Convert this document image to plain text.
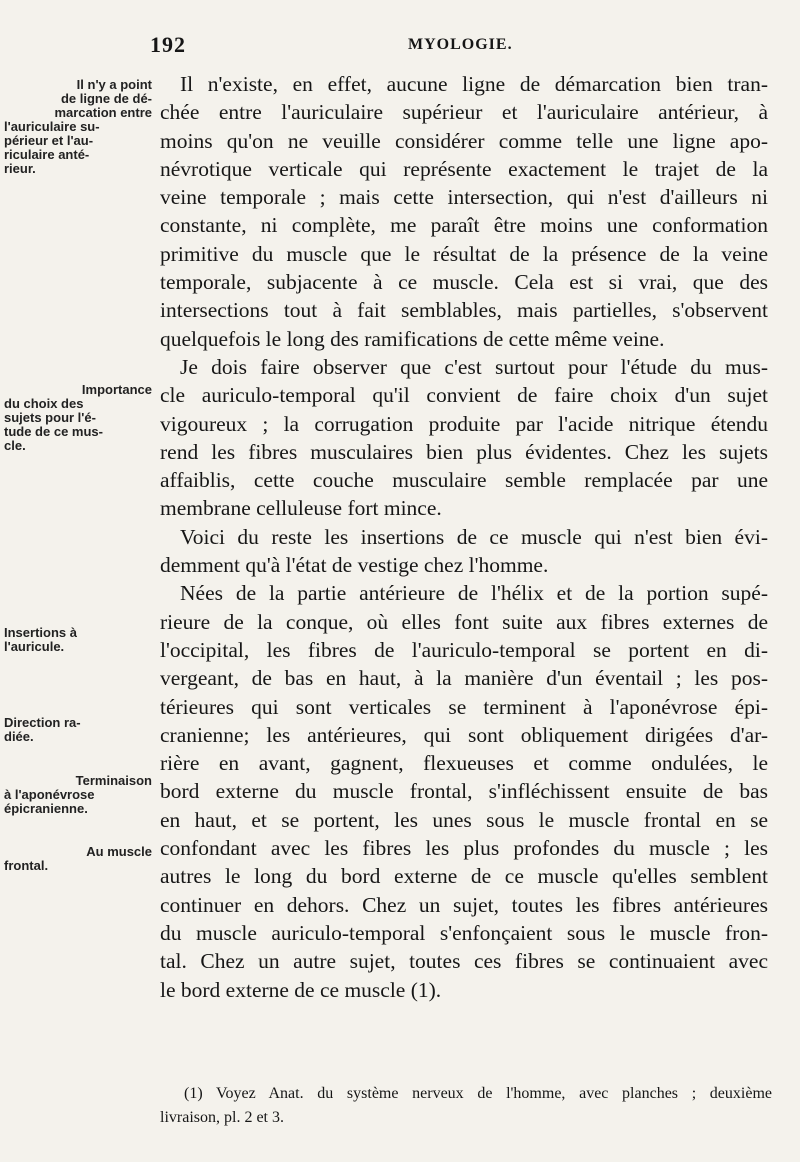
192	MYOLOGIE.
Il n'y a point
de ligne de dé-
marcation entre
l'auriculaire su-
périeur et l'au-
riculaire anté-
rieur.
Importance
du choix des
sujets pour l'é-
tude de ce mus-
cle.
Insertions à
l'auricule.
Direction ra-
diée.
Terminaison
à l'aponévrose
épicranienne.
Au muscle
frontal.
Il n'existe, en effet, aucune ligne de démarcation bien tran-
chée entre l'auriculaire supérieur et l'auriculaire antérieur, à
moins qu'on ne veuille considérer comme telle une ligne apo-
névrotique verticale qui représente exactement le trajet de la
veine temporale ; mais cette intersection, qui n'est d'ailleurs ni
constante, ni complète, me paraît être moins une conformation
primitive du muscle que le résultat de la présence de la veine
temporale, subjacente à ce muscle. Cela est si vrai, que des
intersections tout à fait semblables, mais partielles, s'observent
quelquefois le long des ramifications de cette même veine.
Je dois faire observer que c'est surtout pour l'étude du mus-
cle auriculo-temporal qu'il convient de faire choix d'un sujet
vigoureux ; la corrugation produite par l'acide nitrique étendu
rend les fibres musculaires bien plus évidentes. Chez les sujets
affaiblis, cette couche musculaire semble remplacée par une
membrane celluleuse fort mince.
Voici du reste les insertions de ce muscle qui n'est bien évi-
demment qu'à l'état de vestige chez l'homme.
Nées de la partie antérieure de l'hélix et de la portion supé-
rieure de la conque, où elles font suite aux fibres externes de
l'occipital, les fibres de l'auriculo-temporal se portent en di-
vergeant, de bas en haut, à la manière d'un éventail ; les pos-
térieures qui sont verticales se terminent à l'aponévrose épi-
cranienne; les antérieures, qui sont obliquement dirigées d'ar-
rière en avant, gagnent, flexueuses et comme ondulées, le
bord externe du muscle frontal, s'infléchissent ensuite de bas
en haut, et se portent, les unes sous le muscle frontal en se
confondant avec les fibres les plus profondes du muscle ; les
autres le long du bord externe de ce muscle qu'elles semblent
continuer en dehors. Chez un sujet, toutes les fibres antérieures
du muscle auriculo-temporal s'enfonçaient sous le muscle fron-
tal. Chez un autre sujet, toutes ces fibres se continuaient avec
le bord externe de ce muscle (1).
(1) Voyez Anat. du système nerveux de l'homme, avec planches ; deuxième
livraison, pl. 2 et 3.
